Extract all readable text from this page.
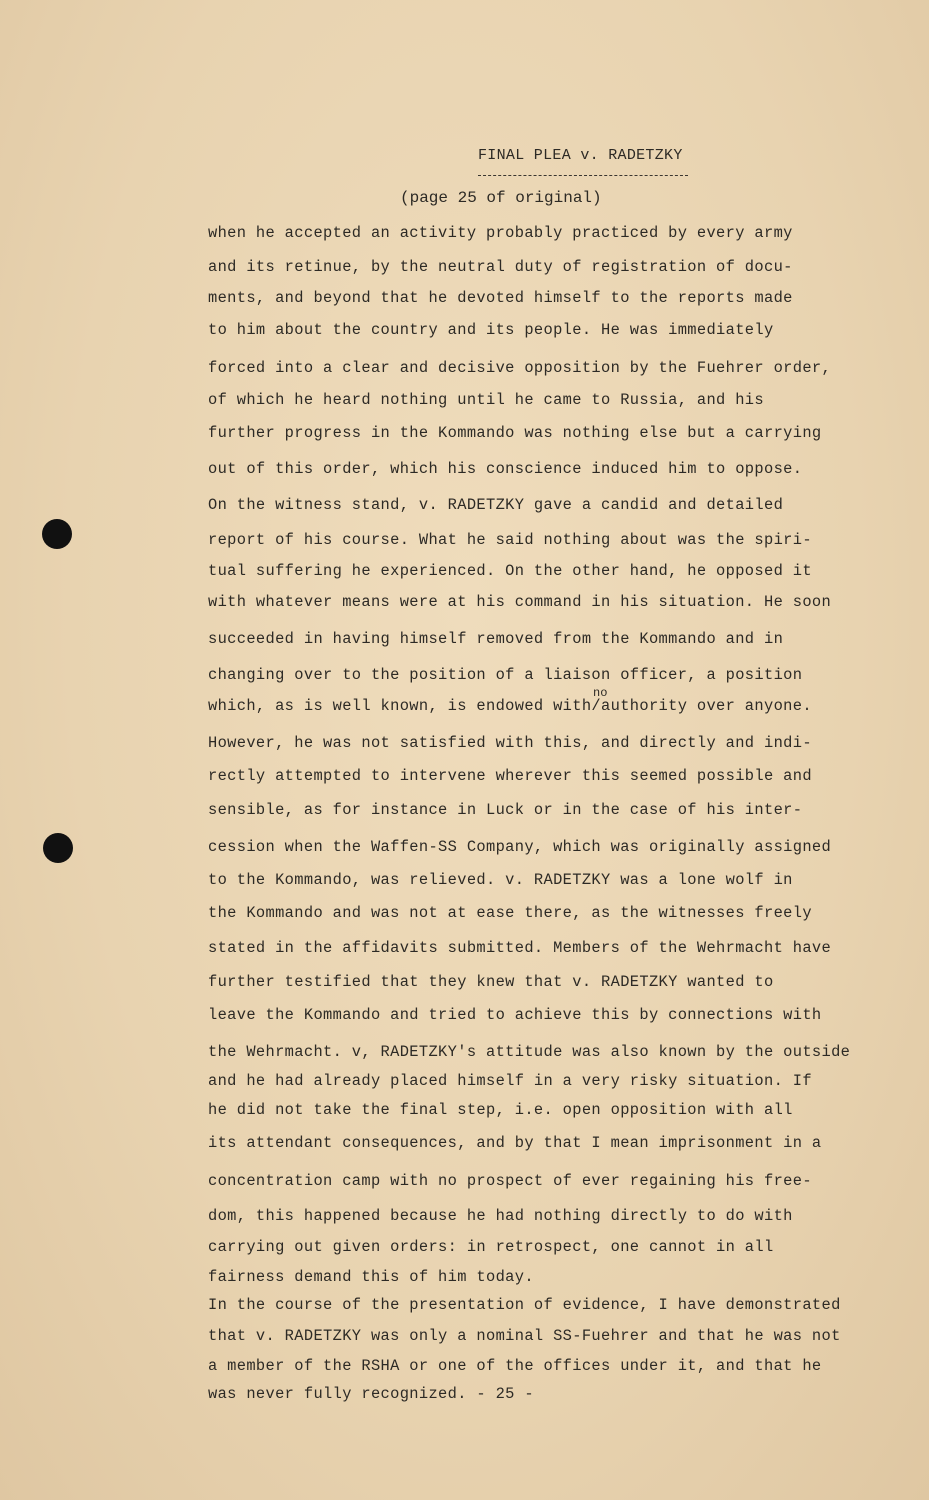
FINAL PLEA v. RADETZKY
(page 25 of original)
no
when he accepted an activity probably practiced by every army
and its retinue, by the neutral duty of registration of docu-
ments, and beyond that he devoted himself to the reports made
to him about the country and its people. He was immediately
forced into a clear and decisive opposition by the Fuehrer order,
of which he heard nothing until he came to Russia, and his
further progress in the Kommando was nothing else but a carrying
out of this order, which his conscience induced him to oppose.
On the witness stand, v. RADETZKY gave a candid and detailed
report of his course. What he said nothing about was the spiri-
tual suffering he experienced. On the other hand, he opposed it
with whatever means were at his command in his situation. He soon
succeeded in having himself removed from the Kommando and in
changing over to the position of a liaison officer, a position
which, as is well known, is endowed with/authority over anyone.
However, he was not satisfied with this, and directly and indi-
rectly attempted to intervene wherever this seemed possible and
sensible, as for instance in Luck or in the case of his inter-
cession when the Waffen-SS Company, which was originally assigned
to the Kommando, was relieved. v. RADETZKY was a lone wolf in
the Kommando and was not at ease there, as the witnesses freely
stated in the affidavits submitted. Members of the Wehrmacht have
further testified that they knew that v. RADETZKY wanted to
leave the Kommando and tried to achieve this by connections with
the Wehrmacht. v, RADETZKY's attitude was also known by the outside
and he had already placed himself in a very risky situation. If
he did not take the final step, i.e. open opposition with all
its attendant consequences, and by that I mean imprisonment in a
concentration camp with no prospect of ever regaining his free-
dom, this happened because he had nothing directly to do with
carrying out given orders: in retrospect, one cannot in all
fairness demand this of him today.
In the course of the presentation of evidence, I have demonstrated
that v. RADETZKY was only a nominal SS-Fuehrer and that he was not
a member of the RSHA or one of the offices under it, and that he
was never fully recognized. - 25 -
